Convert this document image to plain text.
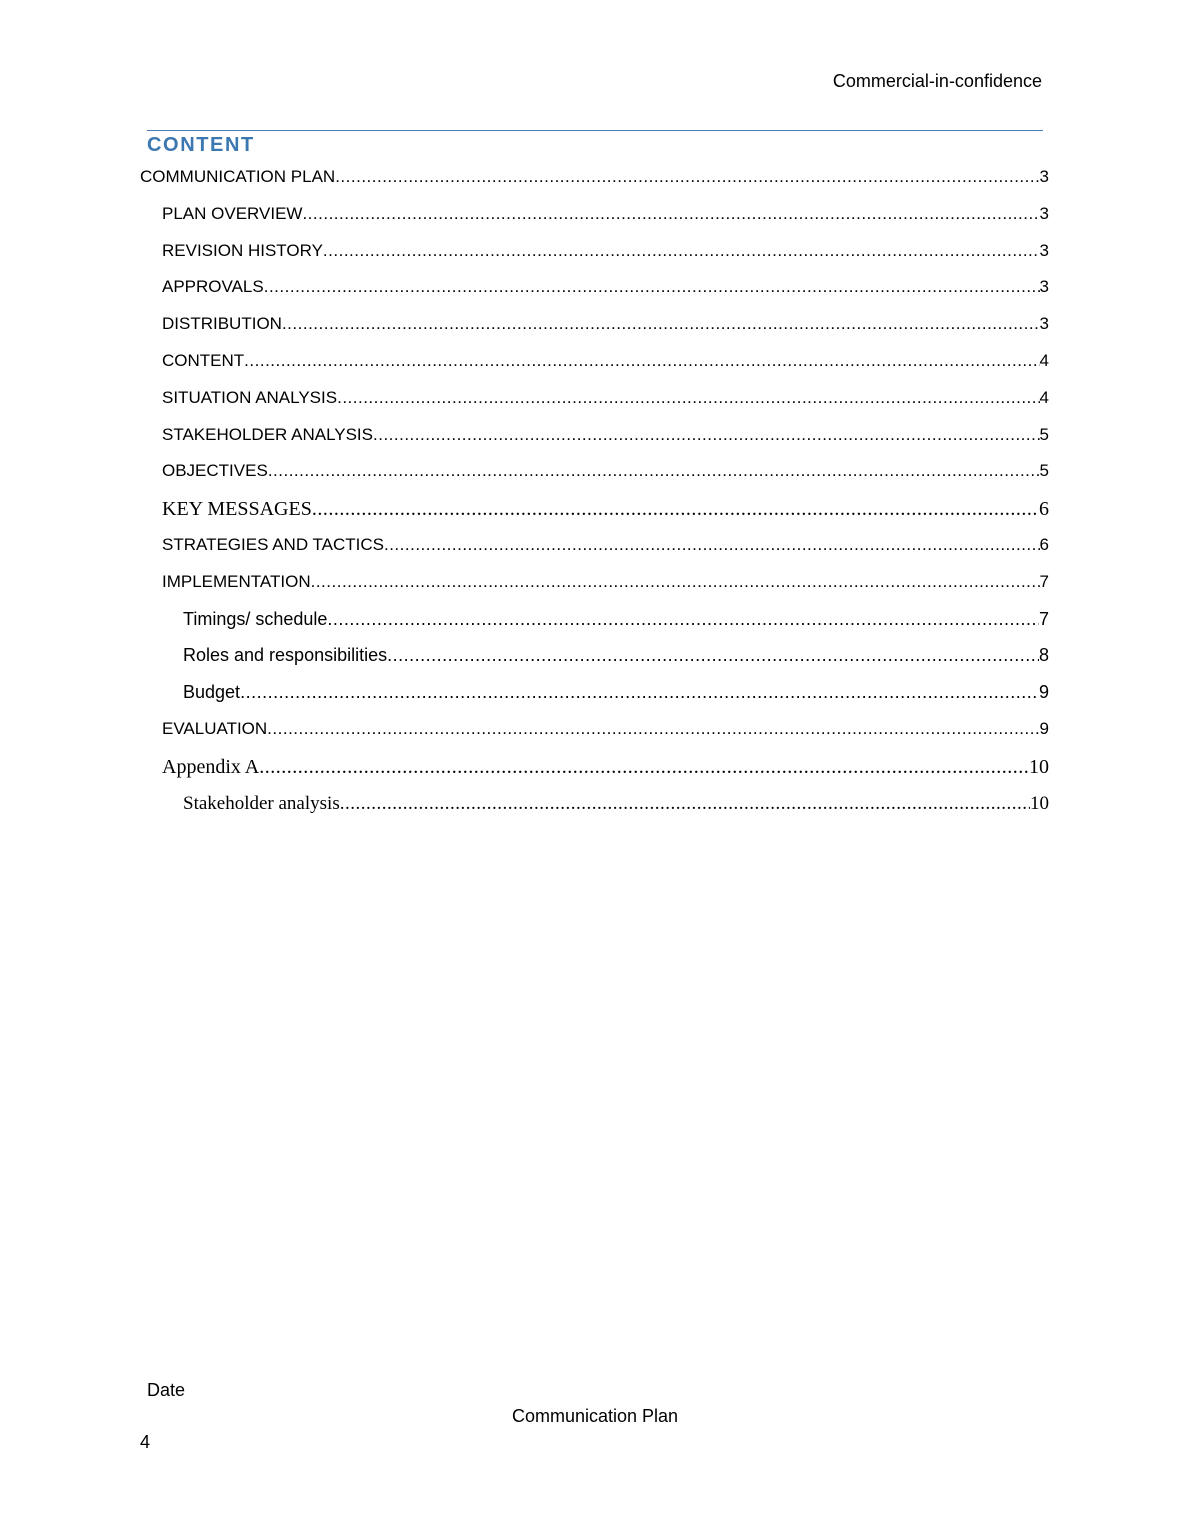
Commercial-in-confidence
CONTENT
COMMUNICATION PLAN .....	3
PLAN OVERVIEW .....	3
REVISION HISTORY .....	3
APPROVALS .....	3
DISTRIBUTION .....	3
CONTENT .....	4
SITUATION ANALYSIS .....	4
STAKEHOLDER ANALYSIS .....	5
OBJECTIVES .....	5
KEY MESSAGES .....	6
STRATEGIES AND TACTICS .....	6
IMPLEMENTATION .....	7
Timings/ schedule .....	7
Roles and responsibilities .....	8
Budget .....	9
EVALUATION .....	9
Appendix A .....	10
Stakeholder analysis .....	10
Date
Communication Plan
4
